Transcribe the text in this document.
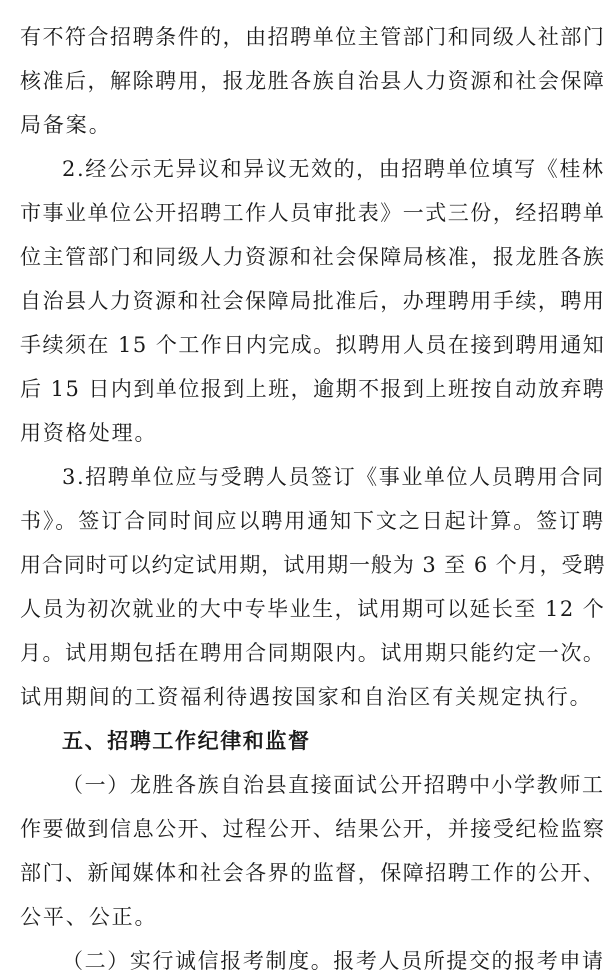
有不符合招聘条件的，由招聘单位主管部门和同级人社部门
核准后，解除聘用，报龙胜各族自治县人力资源和社会保障
局备案。
2.经公示无异议和异议无效的，由招聘单位填写《桂林
市事业单位公开招聘工作人员审批表》一式三份，经招聘单
位主管部门和同级人力资源和社会保障局核准，报龙胜各族
自治县人力资源和社会保障局批准后，办理聘用手续，聘用
手续须在 15 个工作日内完成。拟聘用人员在接到聘用通知
后 15 日内到单位报到上班，逾期不报到上班按自动放弃聘
用资格处理。
3.招聘单位应与受聘人员签订《事业单位人员聘用合同
书》。签订合同时间应以聘用通知下文之日起计算。签订聘
用合同时可以约定试用期，试用期一般为 3 至 6 个月，受聘
人员为初次就业的大中专毕业生，试用期可以延长至 12 个
月。试用期包括在聘用合同期限内。试用期只能约定一次。
试用期间的工资福利待遇按国家和自治区有关规定执行。
五、招聘工作纪律和监督
（一）龙胜各族自治县直接面试公开招聘中小学教师工
作要做到信息公开、过程公开、结果公开，并接受纪检监察
部门、新闻媒体和社会各界的监督，保障招聘工作的公开、
公平、公正。
（二）实行诚信报考制度。报考人员所提交的报考申请
